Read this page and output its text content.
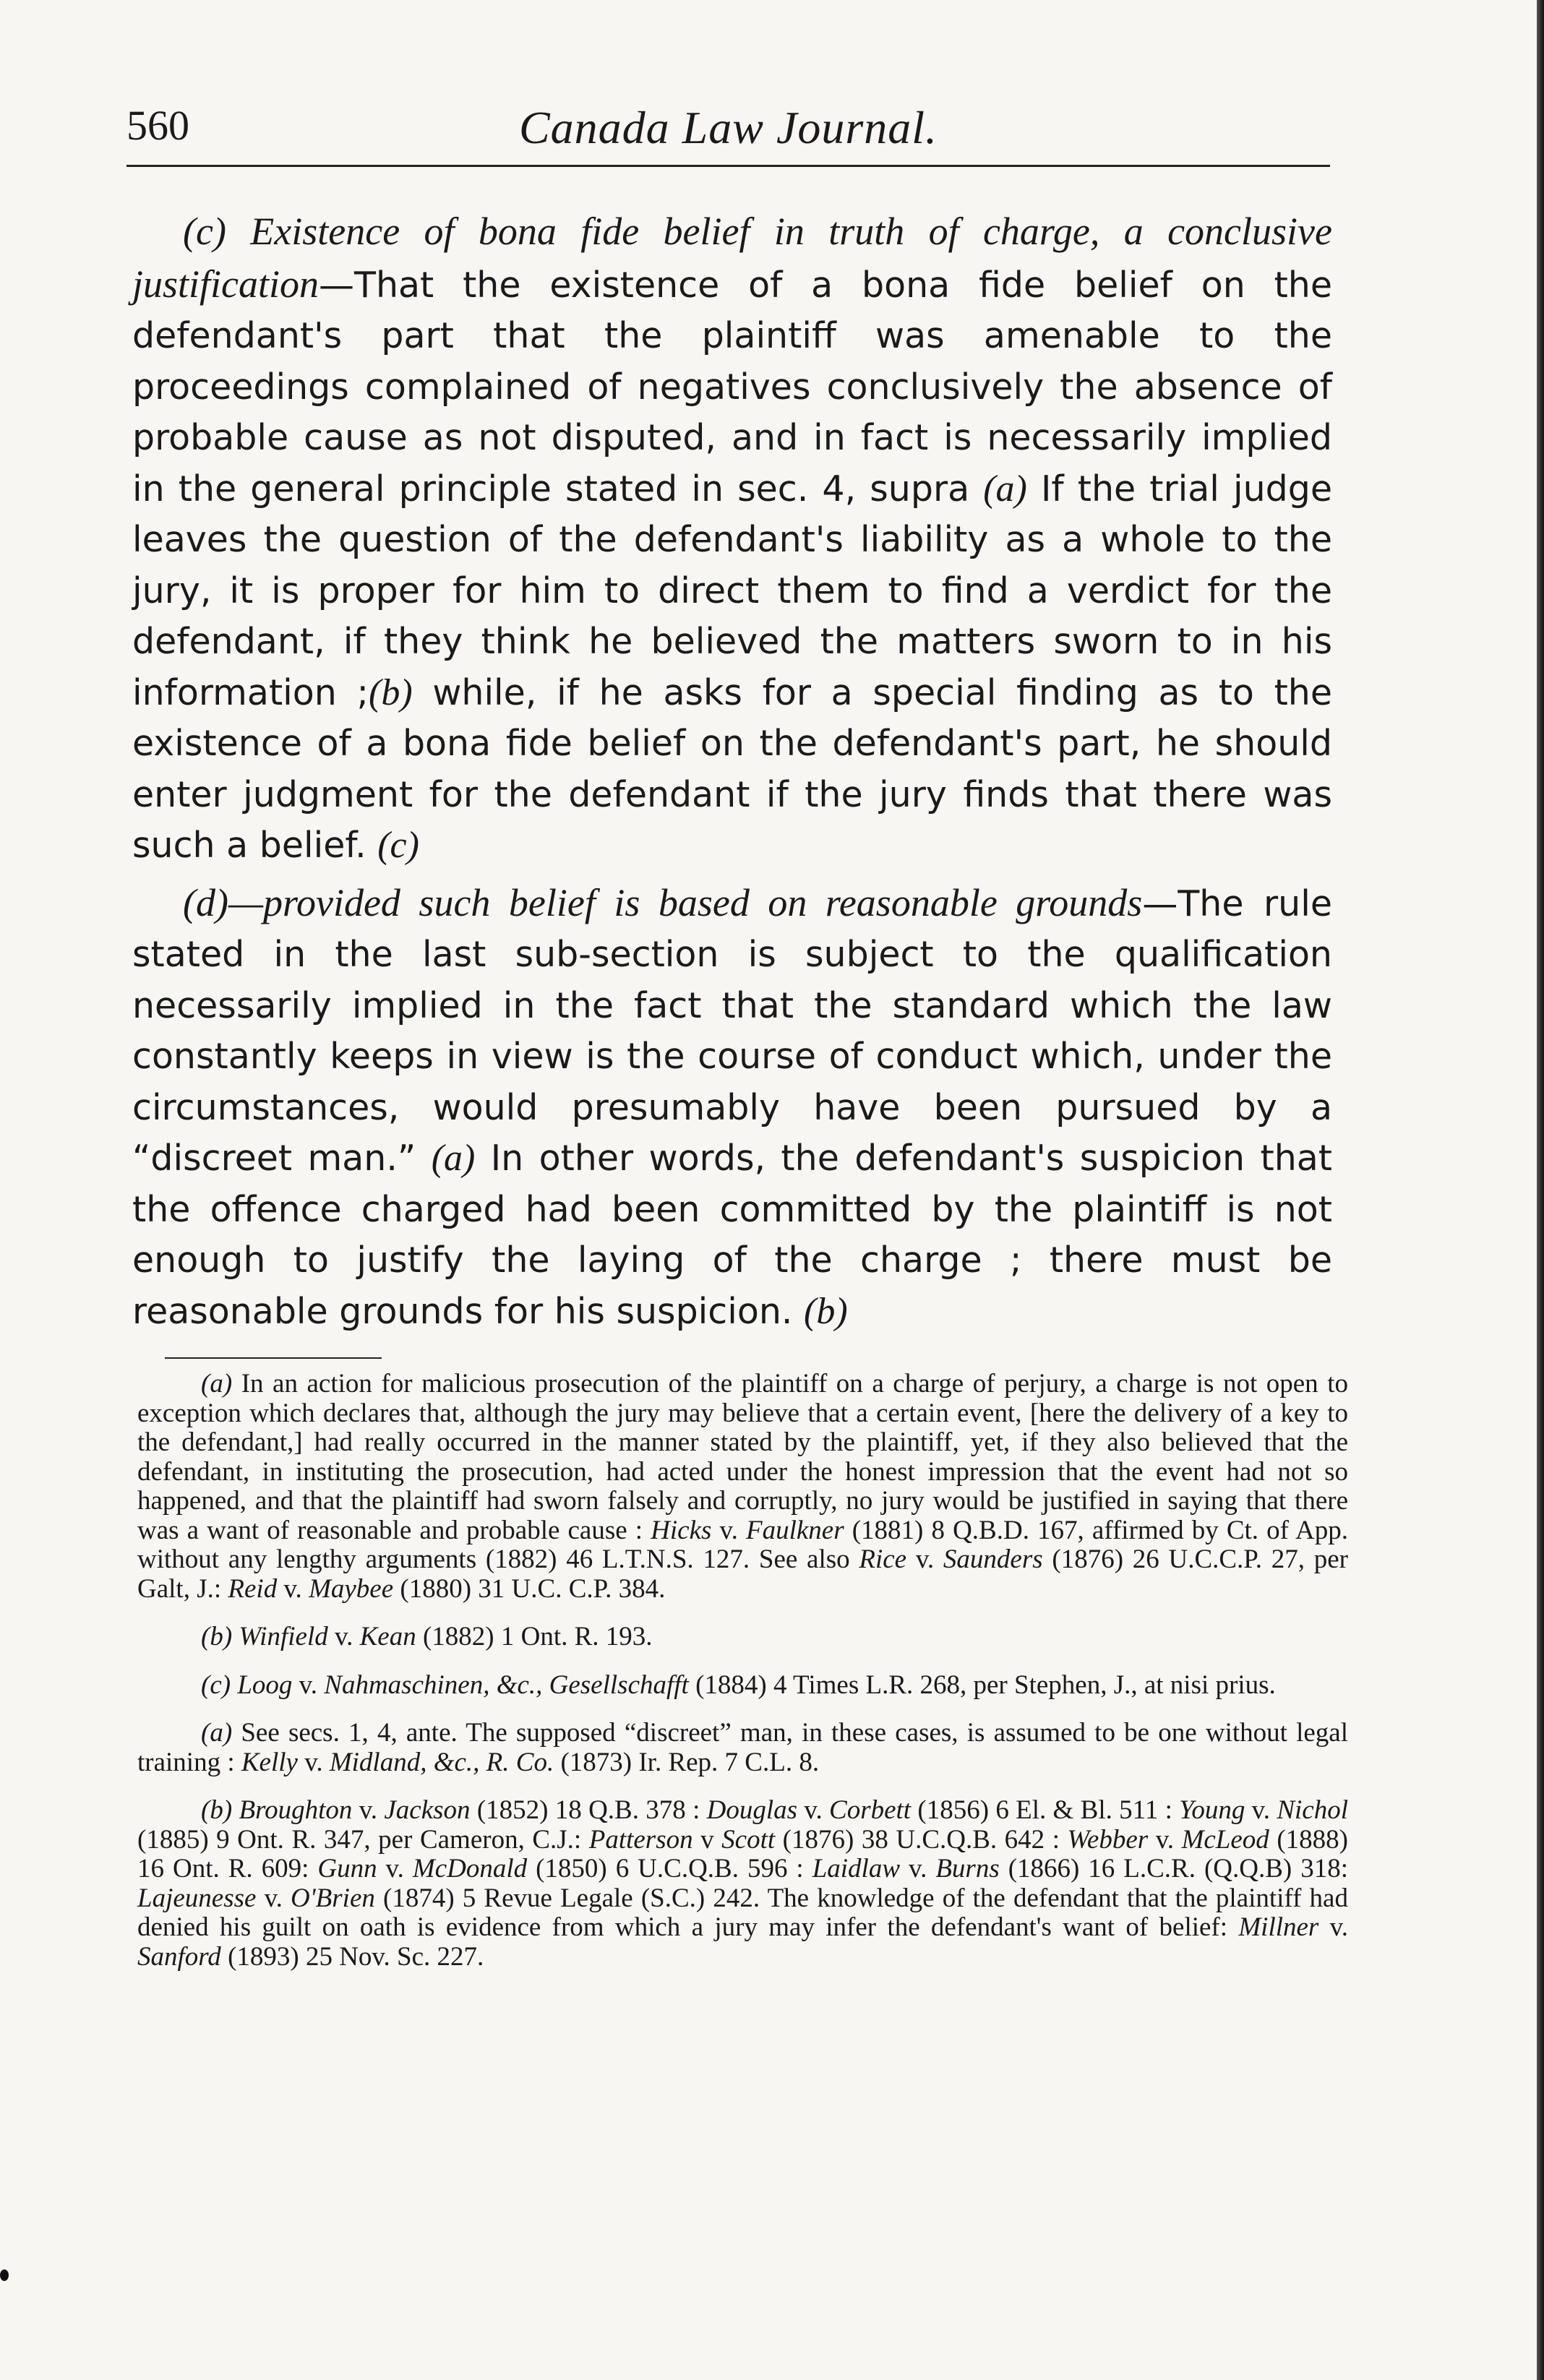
560	Canada Law Journal.

(c) Existence of bona fide belief in truth of charge, a conclusive justification—That the existence of a bona fide belief on the defendant's part that the plaintiff was amenable to the proceedings complained of negatives conclusively the absence of probable cause as not disputed, and in fact is necessarily implied in the general principle stated in sec. 4, supra (a) If the trial judge leaves the question of the defendant's liability as a whole to the jury, it is proper for him to direct them to find a verdict for the defendant, if they think he believed the matters sworn to in his information ;(b) while, if he asks for a special finding as to the existence of a bona fide belief on the defendant's part, he should enter judgment for the defendant if the jury finds that there was such a belief. (c)

(d)—provided such belief is based on reasonable grounds—The rule stated in the last sub-section is subject to the qualification necessarily implied in the fact that the standard which the law constantly keeps in view is the course of conduct which, under the circumstances, would presumably have been pursued by a “discreet man.” (a) In other words, the defendant's suspicion that the offence charged had been committed by the plaintiff is not enough to justify the laying of the charge ; there must be reasonable grounds for his suspicion. (b)

(a) In an action for malicious prosecution of the plaintiff on a charge of perjury, a charge is not open to exception which declares that, although the jury may believe that a certain event, [here the delivery of a key to the defendant,] had really occurred in the manner stated by the plaintiff, yet, if they also believed that the defendant, in instituting the prosecution, had acted under the honest impression that the event had not so happened, and that the plaintiff had sworn falsely and corruptly, no jury would be justified in saying that there was a want of reasonable and probable cause : Hicks v. Faulkner (1881) 8 Q.B.D. 167, affirmed by Ct. of App. without any lengthy arguments (1882) 46 L.T.N.S. 127. See also Rice v. Saunders (1876) 26 U.C.C.P. 27, per Galt, J.: Reid v. Maybee (1880) 31 U.C. C.P. 384.

(b) Winfield v. Kean (1882) 1 Ont. R. 193.

(c) Loog v. Nahmaschinen, &c., Gesellschafft (1884) 4 Times L.R. 268, per Stephen, J., at nisi prius.

(a) See secs. 1, 4, ante. The supposed “discreet” man, in these cases, is assumed to be one without legal training : Kelly v. Midland, &c., R. Co. (1873) Ir. Rep. 7 C.L. 8.

(b) Broughton v. Jackson (1852) 18 Q.B. 378 : Douglas v. Corbett (1856) 6 El. & Bl. 511 : Young v. Nichol (1885) 9 Ont. R. 347, per Cameron, C.J.: Patterson v Scott (1876) 38 U.C.Q.B. 642 : Webber v. McLeod (1888) 16 Ont. R. 609: Gunn v. McDonald (1850) 6 U.C.Q.B. 596 : Laidlaw v. Burns (1866) 16 L.C.R. (Q.Q.B) 318: Lajeunesse v. O'Brien (1874) 5 Revue Legale (S.C.) 242. The knowledge of the defendant that the plaintiff had denied his guilt on oath is evidence from which a jury may infer the defendant's want of belief: Millner v. Sanford (1893) 25 Nov. Sc. 227.
